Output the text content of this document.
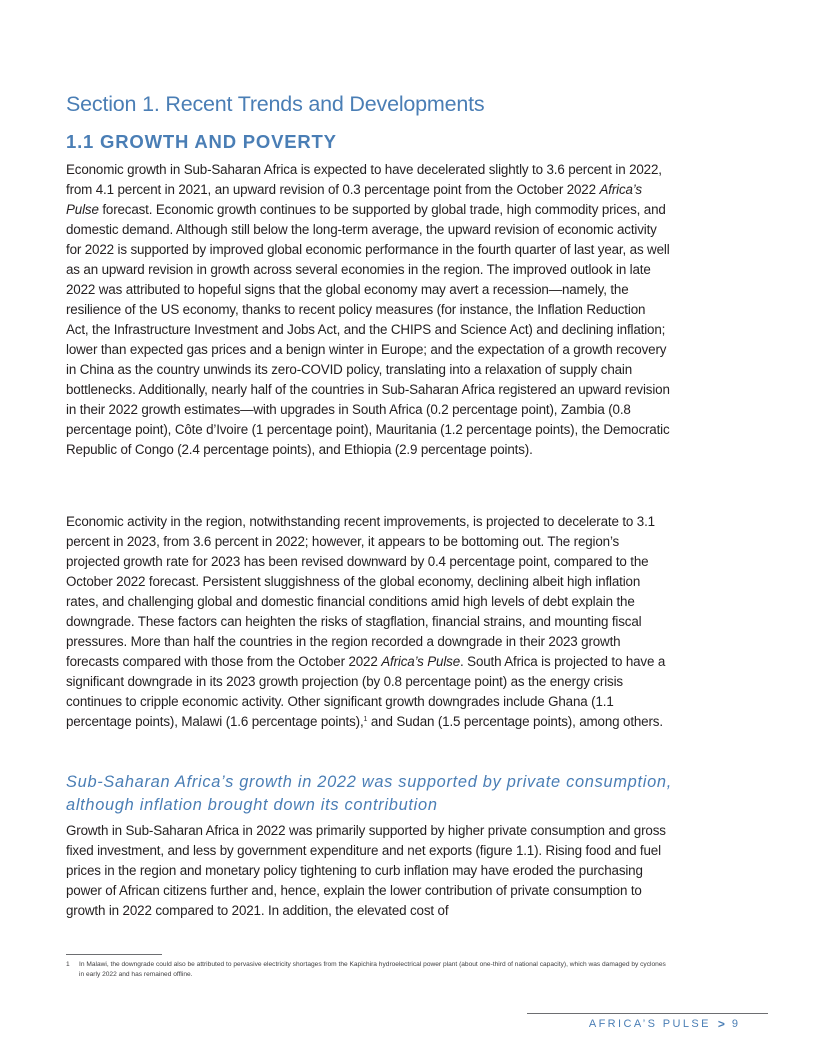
Section 1. Recent Trends and Developments
1.1 GROWTH AND POVERTY

Economic growth in Sub-Saharan Africa is expected to have decelerated slightly to 3.6 percent in 2022, from 4.1 percent in 2021, an upward revision of 0.3 percentage point from the October 2022 Africa’s Pulse forecast. Economic growth continues to be supported by global trade, high commodity prices, and domestic demand. Although still below the long-term average, the upward revision of economic activity for 2022 is supported by improved global economic performance in the fourth quarter of last year, as well as an upward revision in growth across several economies in the region. The improved outlook in late 2022 was attributed to hopeful signs that the global economy may avert a recession—namely, the resilience of the US economy, thanks to recent policy measures (for instance, the Inflation Reduction Act, the Infrastructure Investment and Jobs Act, and the CHIPS and Science Act) and declining inflation; lower than expected gas prices and a benign winter in Europe; and the expectation of a growth recovery in China as the country unwinds its zero-COVID policy, translating into a relaxation of supply chain bottlenecks. Additionally, nearly half of the countries in Sub-Saharan Africa registered an upward revision in their 2022 growth estimates—with upgrades in South Africa (0.2 percentage point), Zambia (0.8 percentage point), Côte d’Ivoire (1 percentage point), Mauritania (1.2 percentage points), the Democratic Republic of Congo (2.4 percentage points), and Ethiopia (2.9 percentage points).

Economic activity in the region, notwithstanding recent improvements, is projected to decelerate to 3.1 percent in 2023, from 3.6 percent in 2022; however, it appears to be bottoming out. The region’s projected growth rate for 2023 has been revised downward by 0.4 percentage point, compared to the October 2022 forecast. Persistent sluggishness of the global economy, declining albeit high inflation rates, and challenging global and domestic financial conditions amid high levels of debt explain the downgrade. These factors can heighten the risks of stagflation, financial strains, and mounting fiscal pressures. More than half the countries in the region recorded a downgrade in their 2023 growth forecasts compared with those from the October 2022 Africa’s Pulse. South Africa is projected to have a significant downgrade in its 2023 growth projection (by 0.8 percentage point) as the energy crisis continues to cripple economic activity. Other significant growth downgrades include Ghana (1.1 percentage points), Malawi (1.6 percentage points),$^1$ and Sudan (1.5 percentage points), among others.

Sub-Saharan Africa’s growth in 2022 was supported by private consumption, although inflation brought down its contribution

Growth in Sub-Saharan Africa in 2022 was primarily supported by higher private consumption and gross fixed investment, and less by government expenditure and net exports (figure 1.1). Rising food and fuel prices in the region and monetary policy tightening to curb inflation may have eroded the purchasing power of African citizens further and, hence, explain the lower contribution of private consumption to growth in 2022 compared to 2021. In addition, the elevated cost of

1	In Malawi, the downgrade could also be attributed to pervasive electricity shortages from the Kapichira hydroelectrical power plant (about one-third of national capacity), which was damaged by cyclones in early 2022 and has remained offline.
AFRICA’S PULSE > 9
